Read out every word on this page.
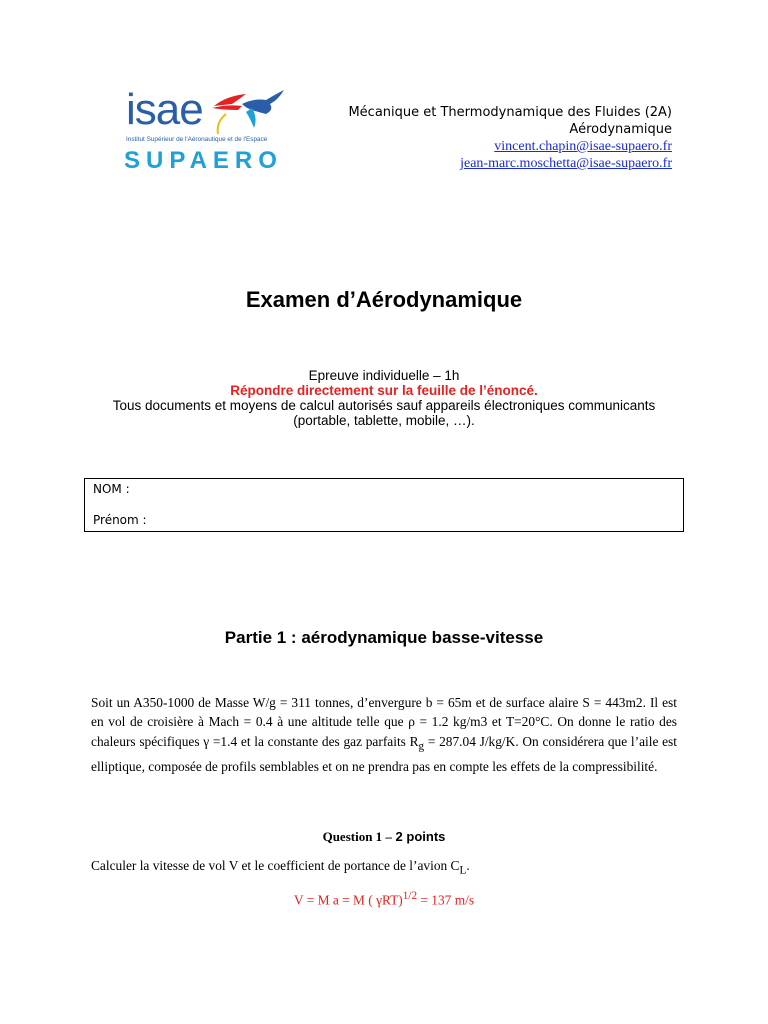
isae
Institut Supérieur de l'Aéronautique et de l'Espace
SUPAERO
Mécanique et Thermodynamique des Fluides (2A)
Aérodynamique
vincent.chapin@isae-supaero.fr
jean-marc.moschetta@isae-supaero.fr
Examen d’Aérodynamique
Epreuve individuelle – 1h
Répondre directement sur la feuille de l’énoncé.
Tous documents et moyens de calcul autorisés sauf appareils électroniques communicants
(portable, tablette, mobile, …).
NOM :
Prénom :
Partie 1 : aérodynamique basse-vitesse
Soit un A350-1000 de Masse W/g = 311 tonnes, d’envergure b = 65m et de surface alaire S = 443m2. Il est en vol de croisière à Mach = 0.4 à une altitude telle que ρ = 1.2 kg/m3 et T=20°C. On donne le ratio des chaleurs spécifiques γ =1.4 et la constante des gaz parfaits $R_g = 287.04$ J/kg/K. On considérera que l’aile est elliptique, composée de profils semblables et on ne prendra pas en compte les effets de la compressibilité.
Question 1 – 2 points
Calculer la vitesse de vol V et le coefficient de portance de l’avion $C_L$.
V = M a = M ( γRT)$^{1/2}$ = 137 m/s
